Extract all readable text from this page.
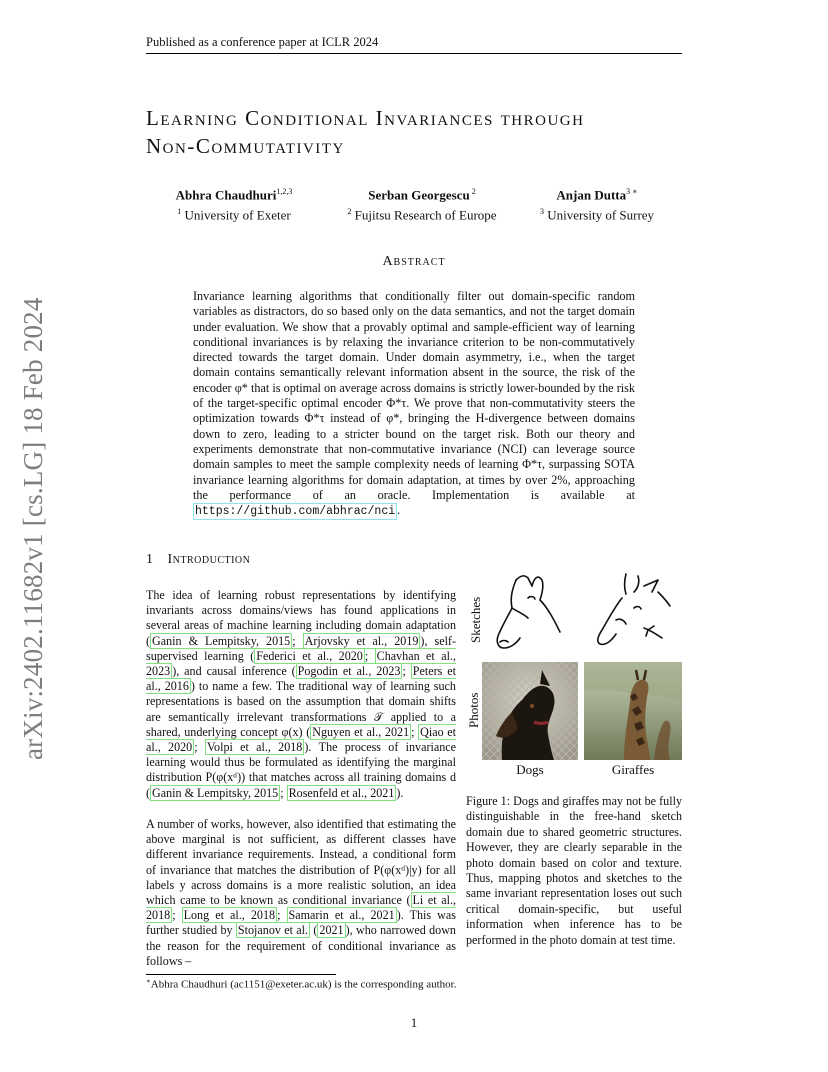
Published as a conference paper at ICLR 2024
arXiv:2402.11682v1 [cs.LG] 18 Feb 2024
Learning Conditional Invariances through
Non-Commutativity
Abhra Chaudhuri$^{1,2,3}$
$^1$ University of Exeter
Serban Georgescu $^2$
$^2$ Fujitsu Research of Europe
Anjan Dutta$^{3 ∗}$
$^3$ University of Surrey
Abstract
Invariance learning algorithms that conditionally filter out domain-specific random variables as distractors, do so based only on the data semantics, and not the target domain under evaluation. We show that a provably optimal and sample-efficient way of learning conditional invariances is by relaxing the invariance criterion to be non-commutatively directed towards the target domain. Under domain asymmetry, i.e., when the target domain contains semantically relevant information absent in the source, the risk of the encoder φ* that is optimal on average across domains is strictly lower-bounded by the risk of the target-specific optimal encoder Φ*τ. We prove that non-commutativity steers the optimization towards Φ*τ instead of φ*, bringing the H-divergence between domains down to zero, leading to a stricter bound on the target risk. Both our theory and experiments demonstrate that non-commutative invariance (NCI) can leverage source domain samples to meet the sample complexity needs of learning Φ*τ, surpassing SOTA invariance learning algorithms for domain adaptation, at times by over 2%, approaching the performance of an oracle. Implementation is available at https://github.com/abhrac/nci .
1 Introduction
The idea of learning robust representations by identifying invariants across domains/views has found applications in several areas of machine learning including domain adaptation ( Ganin & Lempitsky, 2015 ; Arjovsky et al., 2019 ), self-supervised learning ( Federici et al., 2020 ; Chavhan et al., 2023 ), and causal inference ( Pogodin et al., 2023 ; Peters et al., 2016 ) to name a few. The traditional way of learning such representations is based on the assumption that domain shifts are semantically irrelevant transformations 𝒯 applied to a shared, underlying concept φ(x) ( Nguyen et al., 2021 ; Qiao et al., 2020 ; Volpi et al., 2018 ). The process of invariance learning would thus be formulated as identifying the marginal distribution P(φ(xᵈ)) that matches across all training domains d ( Ganin & Lempitsky, 2015 ; Rosenfeld et al., 2021 ).
A number of works, however, also identified that estimating the above marginal is not sufficient, as different classes have different invariance requirements. Instead, a conditional form of invariance that matches the distribution of P(φ(xᵈ)|y) for all labels y across domains is a more realistic solution, an idea which came to be known as conditional invariance ( Li et al., 2018 ; Long et al., 2018 ; Samarin et al., 2021 ). This was further studied by Stojanov et al. ( 2021 ), who narrowed down the reason for the requirement of conditional invariance as follows –
Sketches
Photos
Dogs	Giraffes
Figure 1: Dogs and giraffes may not be fully distinguishable in the free-hand sketch domain due to shared geometric structures. However, they are clearly separable in the photo domain based on color and texture. Thus, mapping photos and sketches to the same invariant representation loses out such critical domain-specific, but useful information when inference has to be performed in the photo domain at test time.
∗Abhra Chaudhuri (ac1151@exeter.ac.uk) is the corresponding author.
1
